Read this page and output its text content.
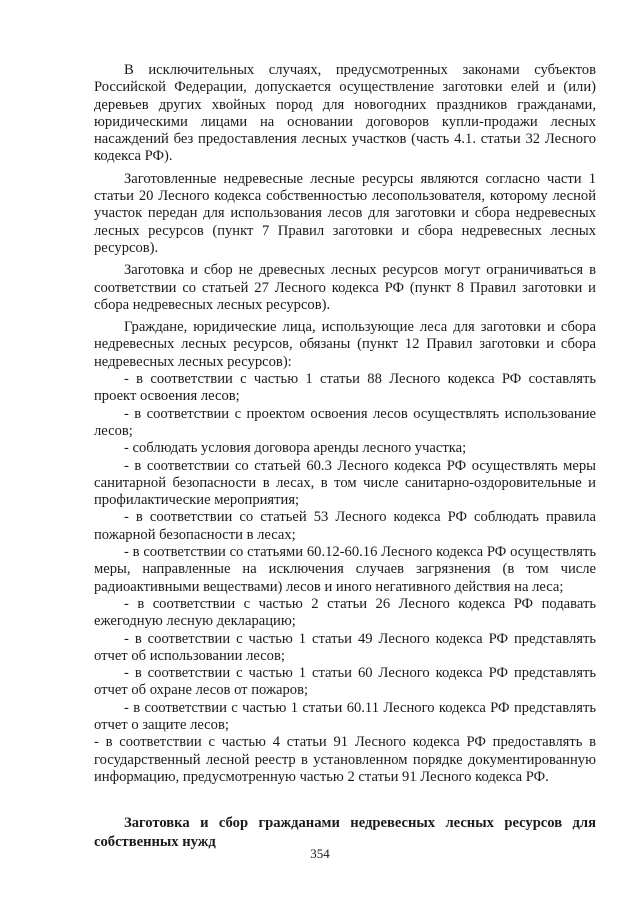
В исключительных случаях, предусмотренных законами субъектов Российской Федерации, допускается осуществление заготовки елей и (или) деревьев других хвойных пород для новогодних праздников гражданами, юридическими лицами на основании договоров купли-продажи лесных насаждений без предоставления лесных участков (часть 4.1. статьи 32 Лесного кодекса РФ).

Заготовленные недревесные лесные ресурсы являются согласно части 1 статьи 20 Лесного кодекса собственностью лесопользователя, которому лесной участок передан для использования лесов для заготовки и сбора недревесных лесных ресурсов (пункт 7 Правил заготовки и сбора недревесных лесных ресурсов).

Заготовка и сбор не древесных лесных ресурсов могут ограничиваться в соответствии со статьей 27 Лесного кодекса РФ (пункт 8 Правил заготовки и сбора недревесных лесных ресурсов).

Граждане, юридические лица, использующие леса для заготовки и сбора недревесных лесных ресурсов, обязаны (пункт 12 Правил заготовки и сбора недревесных лесных ресурсов):

- в соответствии с частью 1 статьи 88 Лесного кодекса РФ составлять проект освоения лесов;

- в соответствии с проектом освоения лесов осуществлять использование лесов;

- соблюдать условия договора аренды лесного участка;

- в соответствии со статьей 60.3 Лесного кодекса РФ осуществлять меры санитарной безопасности в лесах, в том числе санитарно-оздоровительные и профилактические мероприятия;

- в соответствии со статьей 53 Лесного кодекса РФ соблюдать правила пожарной безопасности в лесах;

- в соответствии со статьями 60.12-60.16 Лесного кодекса РФ осуществлять меры, направленные на исключения случаев загрязнения (в том числе радиоактивными веществами) лесов и иного негативного действия на леса;

- в соответствии с частью 2 статьи 26 Лесного кодекса РФ подавать ежегодную лесную декларацию;

- в соответствии с частью 1 статьи 49 Лесного кодекса РФ представлять отчет об использовании лесов;

- в соответствии с частью 1 статьи 60 Лесного кодекса РФ представлять отчет об охране лесов от пожаров;

- в соответствии с частью 1 статьи 60.11 Лесного кодекса РФ представлять отчет о защите лесов;

- в соответствии с частью 4 статьи 91 Лесного кодекса РФ предоставлять в государственный лесной реестр в установленном порядке документированную информацию, предусмотренную частью 2 статьи 91 Лесного кодекса РФ.

Заготовка и сбор гражданами недревесных лесных ресурсов для собственных нужд

354
